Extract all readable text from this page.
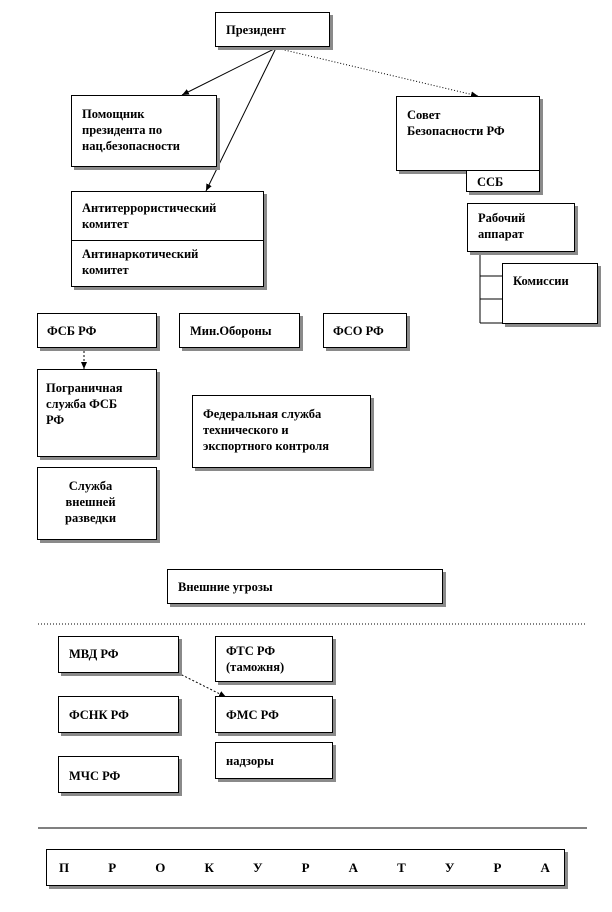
Президент
Помощник
президента по
нац.безопасности
Совет
Безопасности РФ
ССБ
Антитеррористический
комитет
Антинаркотический
комитет
Рабочий
аппарат
Комиссии
ФСБ РФ	Мин.Обороны	ФСО РФ
Пограничная
служба ФСБ
РФ	Федеральная служба
технического и
экспортного контроля
Служба
внешней
разведки
Внешние угрозы
МВД РФ	ФТС РФ
(таможня)
ФСНК РФ	ФМС РФ
МЧС РФ
надзоры
П	Р	О	К	У	Р	А	Т	У	Р	А
